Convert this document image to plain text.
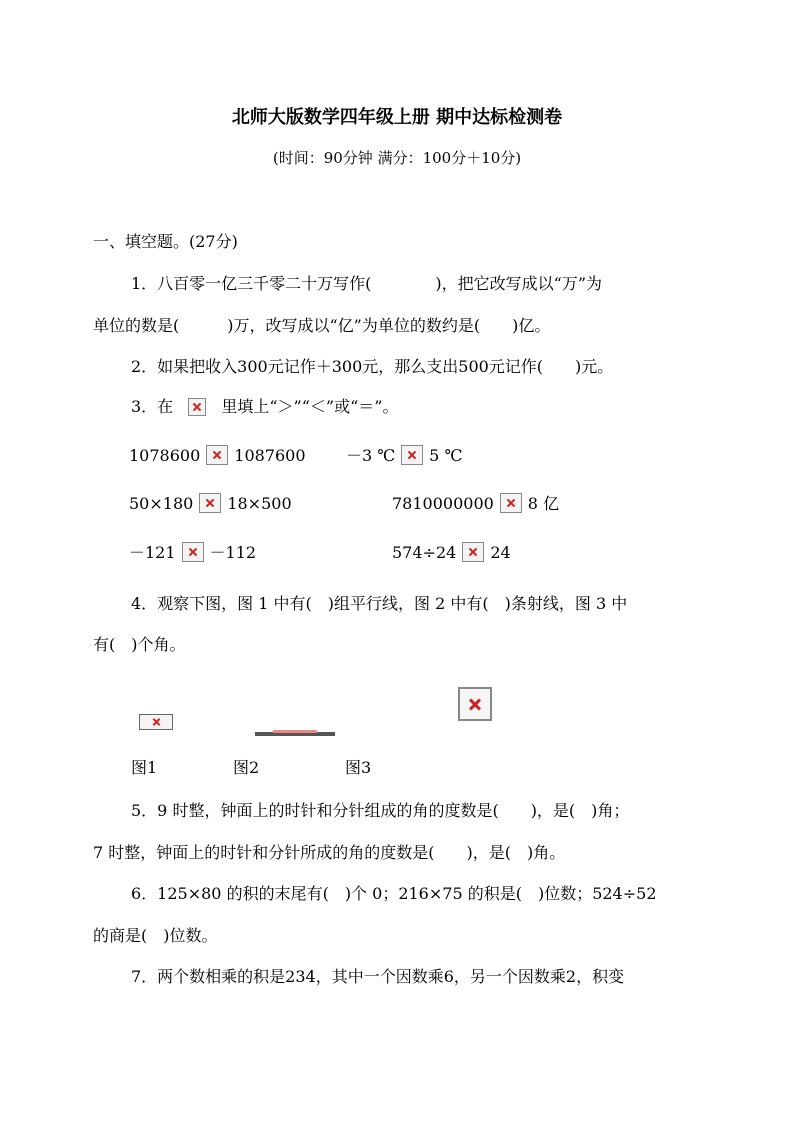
北师大版数学四年级上册 期中达标检测卷
(时间：90分钟 满分：100分＋10分)
一、填空题。(27分)
1．八百零一亿三千零二十万写作(　　　　)，把它改写成以“万”为
单位的数是(　　　)万，改写成以“亿”为单位的数约是(　　)亿。
2．如果把收入300元记作＋300元，那么支出500元记作(　　)元。
3．在	里填上“＞”“＜”或“＝”。
1078600 1087600	－3 ℃ 5 ℃
50×180 18×500	7810000000 8 亿
－121 －112	574÷24 24
4．观察下图，图 1 中有(　)组平行线，图 2 中有(　)条射线，图 3 中
有(　)个角。
图1	图2	图3
5．9 时整，钟面上的时针和分针组成的角的度数是(　　)，是(　)角；
7 时整，钟面上的时针和分针所成的角的度数是(　　)，是(　)角。
6．125×80 的积的末尾有(　)个 0；216×75 的积是(　)位数；524÷52
的商是(　)位数。
7．两个数相乘的积是234，其中一个因数乘6，另一个因数乘2，积变
